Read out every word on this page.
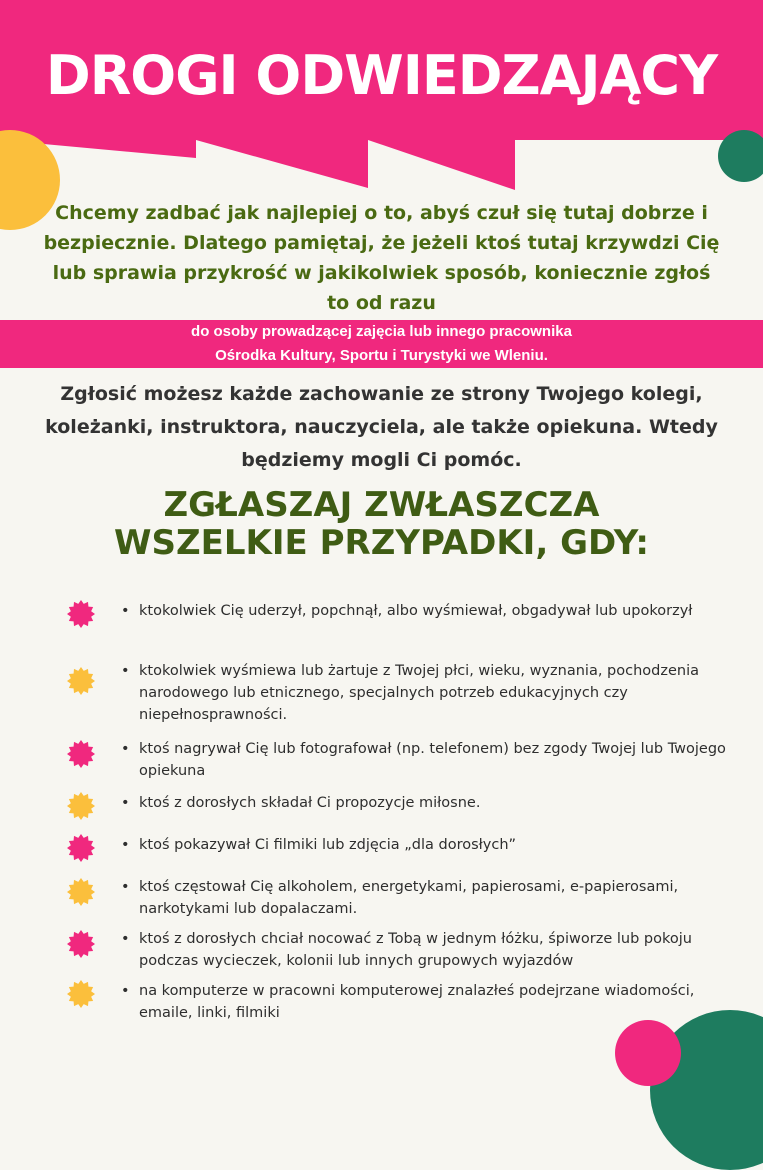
DROGI ODWIEDZAJĄCY
Chcemy zadbać jak najlepiej o to, abyś czuł się tutaj dobrze i bezpiecznie. Dlatego pamiętaj, że jeżeli ktoś tutaj krzywdzi Cię lub sprawia przykrość w jakikolwiek sposób, koniecznie zgłoś to od razu
do osoby prowadzącej zajęcia lub innego pracownika
Ośrodka Kultury, Sportu i Turystyki we Wleniu.
Zgłosić możesz każde zachowanie ze strony Twojego kolegi, koleżanki, instruktora, nauczyciela, ale także opiekuna. Wtedy będziemy mogli Ci pomóc.
ZGŁASZAJ ZWŁASZCZA
WSZELKIE PRZYPADKI, GDY:
• ktokolwiek Cię uderzył, popchnął, albo wyśmiewał, obgadywał lub upokorzył
• ktokolwiek wyśmiewa lub żartuje z Twojej płci, wieku, wyznania, pochodzenia narodowego lub etnicznego, specjalnych potrzeb edukacyjnych czy niepełnosprawności.
• ktoś nagrywał Cię lub fotografował (np. telefonem) bez zgody Twojej lub Twojego opiekuna
• ktoś z dorosłych składał Ci propozycje miłosne.
• ktoś pokazywał Ci filmiki lub zdjęcia „dla dorosłych”
• ktoś częstował Cię alkoholem, energetykami, papierosami, e-papierosami, narkotykami lub dopalaczami.
• ktoś z dorosłych chciał nocować z Tobą w jednym łóżku, śpiworze lub pokoju podczas wycieczek, kolonii lub innych grupowych wyjazdów
• na komputerze w pracowni komputerowej znalazłeś podejrzane wiadomości, emaile, linki, filmiki
